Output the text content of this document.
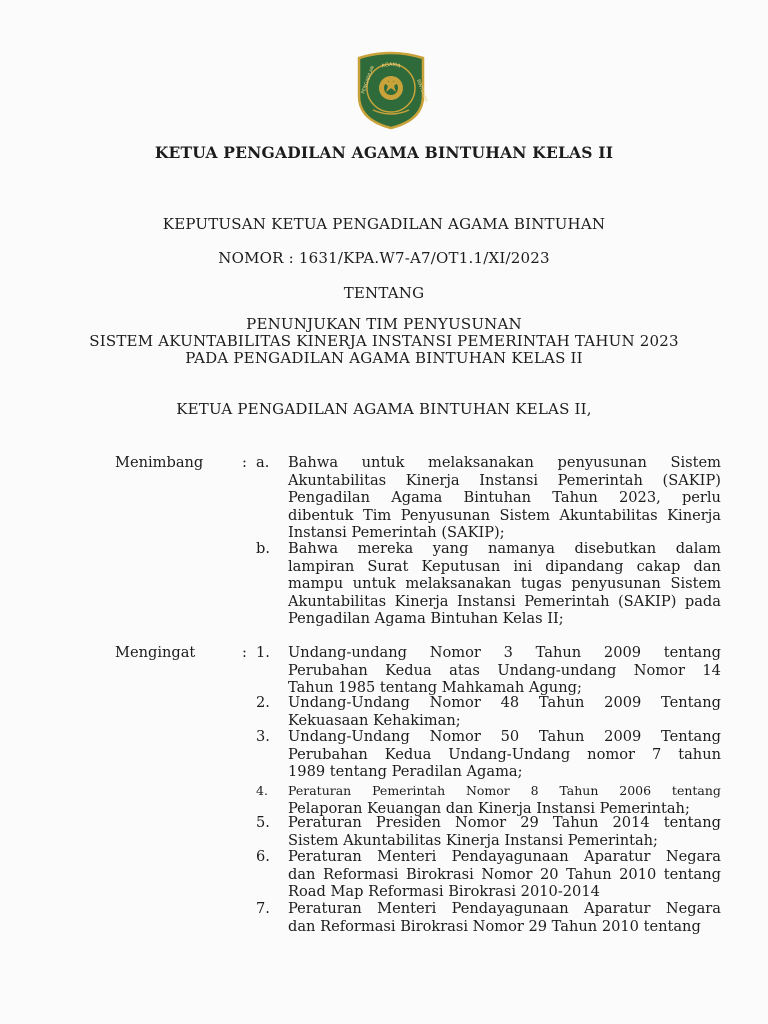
AGAMA
PENGADILAN	BINTUHAN
KETUA PENGADILAN AGAMA BINTUHAN KELAS II
KEPUTUSAN KETUA PENGADILAN AGAMA BINTUHAN
NOMOR : 1631/KPA.W7-A7/OT1.1/XI/2023
TENTANG
PENUNJUKAN TIM PENYUSUNAN
SISTEM AKUNTABILITAS KINERJA INSTANSI PEMERINTAH TAHUN 2023
PADA PENGADILAN AGAMA BINTUHAN KELAS II
KETUA PENGADILAN AGAMA BINTUHAN KELAS II,
Menimbang	: a.	Bahwa untuk melaksanakan penyusunan Sistem
Akuntabilitas Kinerja Instansi Pemerintah (SAKIP)
Pengadilan Agama Bintuhan Tahun 2023, perlu
dibentuk Tim Penyusunan Sistem Akuntabilitas Kinerja
Instansi Pemerintah (SAKIP);
b.	Bahwa mereka yang namanya disebutkan dalam
lampiran Surat Keputusan ini dipandang cakap dan
mampu untuk melaksanakan tugas penyusunan Sistem
Akuntabilitas Kinerja Instansi Pemerintah (SAKIP) pada
Pengadilan Agama Bintuhan Kelas II;
Mengingat	: 1.	Undang-undang Nomor 3 Tahun 2009 tentang
Perubahan Kedua atas Undang-undang Nomor 14
Tahun 1985 tentang Mahkamah Agung;
2.	Undang-Undang Nomor 48 Tahun 2009 Tentang
Kekuasaan Kehakiman;
3.	Undang-Undang Nomor 50 Tahun 2009 Tentang
Perubahan Kedua Undang-Undang nomor 7 tahun
1989 tentang Peradilan Agama;
4.	Peraturan Pemerintah Nomor 8 Tahun 2006 tentang
Pelaporan Keuangan dan Kinerja Instansi Pemerintah;
5.	Peraturan Presiden Nomor 29 Tahun 2014 tentang
Sistem Akuntabilitas Kinerja Instansi Pemerintah;
6.	Peraturan Menteri Pendayagunaan Aparatur Negara
dan Reformasi Birokrasi Nomor 20 Tahun 2010 tentang
Road Map Reformasi Birokrasi 2010-2014
7.	Peraturan Menteri Pendayagunaan Aparatur Negara
dan Reformasi Birokrasi Nomor 29 Tahun 2010 tentang
